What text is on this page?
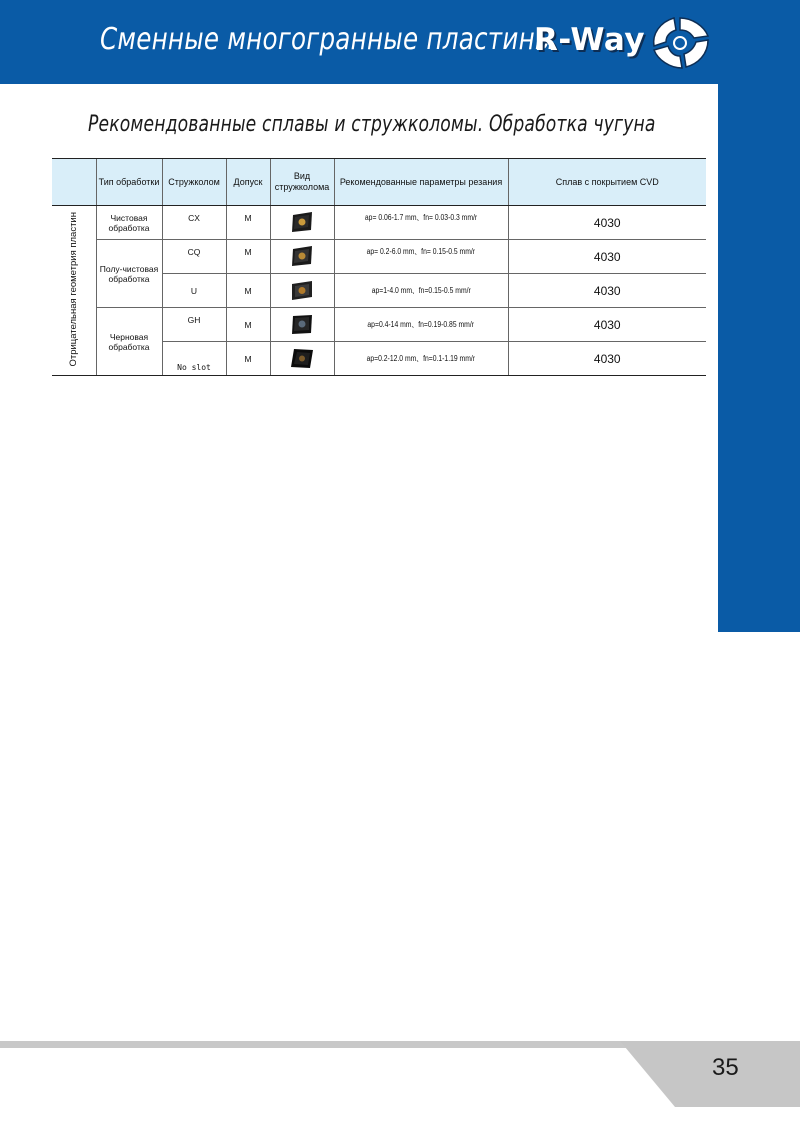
Сменные многогранные пластины
R-Way
Рекомендованные сплавы и стружколомы. Обработка чугуна
	Тип обработки	Стружколом	Допуск	Вид стружколома	Рекомендованные параметры резания	Сплав с покрытием CVD
Отрицательная геометрия пластин	Чистовая обработка	CX	M		ap= 0.06-1.7 mm、fn= 0.03-0.3 mm/r	4030
	Полу-чистовая обработка	CQ	M		ap= 0.2-6.0 mm、fn= 0.15-0.5 mm/r	4030
		U	M		ap=1-4.0 mm、fn=0.15-0.5 mm/r	4030
	Черновая обработка	GH	M		ap=0.4-14 mm、fn=0.19-0.85 mm/r	4030
		No slot	M		ap=0.2-12.0 mm、fn=0.1-1.19 mm/r	4030
35
